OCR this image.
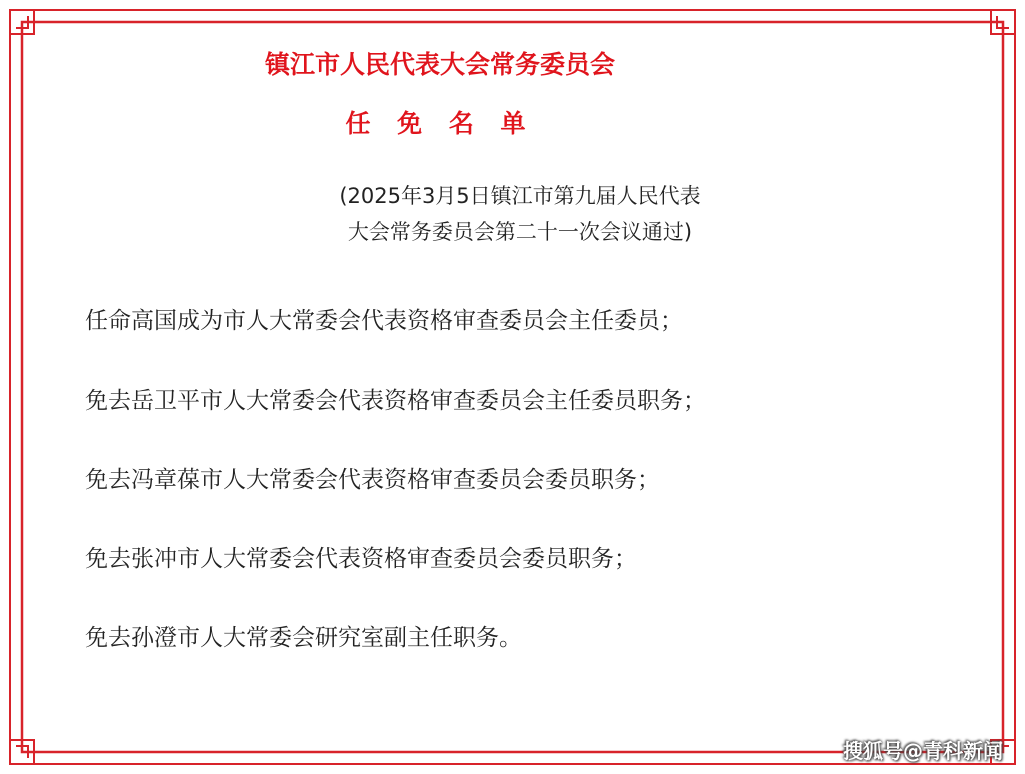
镇江市人民代表大会常务委员会
任 免 名 单
(2025年3月5日镇江市第九届人民代表
大会常务委员会第二十一次会议通过)
任命高国成为市人大常委会代表资格审查委员会主任委员；
免去岳卫平市人大常委会代表资格审查委员会主任委员职务；
免去冯章葆市人大常委会代表资格审查委员会委员职务；
免去张冲市人大常委会代表资格审查委员会委员职务；
免去孙澄市人大常委会研究室副主任职务。
搜狐号@青科新闻
